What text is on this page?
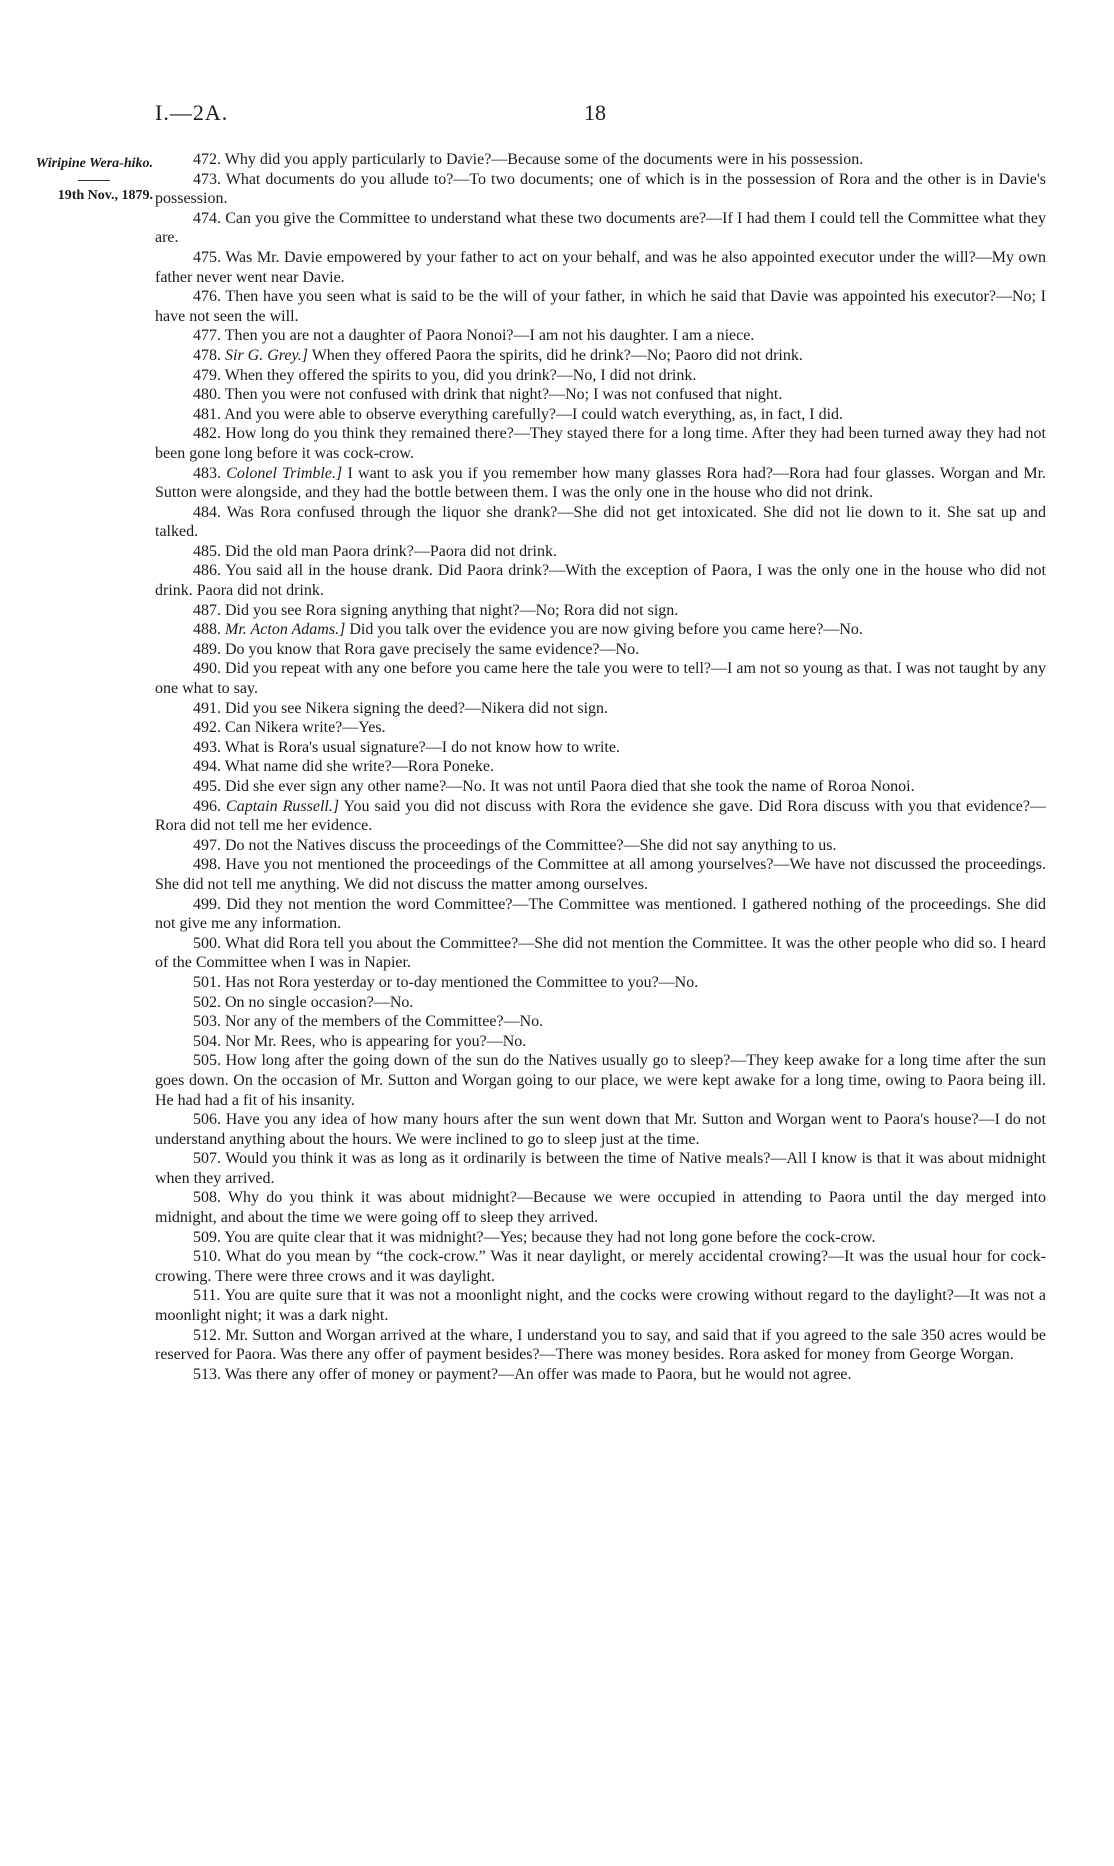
I.—2A.	18
Wiripine Wera-hiko.
19th Nov., 1879.

472. Why did you apply particularly to Davie?—Because some of the documents were in his possession.

473. What documents do you allude to?—To two documents; one of which is in the possession of Rora and the other is in Davie's possession.

474. Can you give the Committee to understand what these two documents are?—If I had them I could tell the Committee what they are.

475. Was Mr. Davie empowered by your father to act on your behalf, and was he also appointed executor under the will?—My own father never went near Davie.

476. Then have you seen what is said to be the will of your father, in which he said that Davie was appointed his executor?—No; I have not seen the will.

477. Then you are not a daughter of Paora Nonoi?—I am not his daughter. I am a niece.

478. Sir G. Grey.] When they offered Paora the spirits, did he drink?—No; Paoro did not drink.

479. When they offered the spirits to you, did you drink?—No, I did not drink.

480. Then you were not confused with drink that night?—No; I was not confused that night.

481. And you were able to observe everything carefully?—I could watch everything, as, in fact, I did.

482. How long do you think they remained there?—They stayed there for a long time. After they had been turned away they had not been gone long before it was cock-crow.

483. Colonel Trimble.] I want to ask you if you remember how many glasses Rora had?—Rora had four glasses. Worgan and Mr. Sutton were alongside, and they had the bottle between them. I was the only one in the house who did not drink.

484. Was Rora confused through the liquor she drank?—She did not get intoxicated. She did not lie down to it. She sat up and talked.

485. Did the old man Paora drink?—Paora did not drink.

486. You said all in the house drank. Did Paora drink?—With the exception of Paora, I was the only one in the house who did not drink. Paora did not drink.

487. Did you see Rora signing anything that night?—No; Rora did not sign.

488. Mr. Acton Adams.] Did you talk over the evidence you are now giving before you came here?—No.

489. Do you know that Rora gave precisely the same evidence?—No.

490. Did you repeat with any one before you came here the tale you were to tell?—I am not so young as that. I was not taught by any one what to say.

491. Did you see Nikera signing the deed?—Nikera did not sign.

492. Can Nikera write?—Yes.

493. What is Rora's usual signature?—I do not know how to write.

494. What name did she write?—Rora Poneke.

495. Did she ever sign any other name?—No. It was not until Paora died that she took the name of Roroa Nonoi.

496. Captain Russell.] You said you did not discuss with Rora the evidence she gave. Did Rora discuss with you that evidence?—Rora did not tell me her evidence.

497. Do not the Natives discuss the proceedings of the Committee?—She did not say anything to us.

498. Have you not mentioned the proceedings of the Committee at all among yourselves?—We have not discussed the proceedings. She did not tell me anything. We did not discuss the matter among ourselves.

499. Did they not mention the word Committee?—The Committee was mentioned. I gathered nothing of the proceedings. She did not give me any information.

500. What did Rora tell you about the Committee?—She did not mention the Committee. It was the other people who did so. I heard of the Committee when I was in Napier.

501. Has not Rora yesterday or to-day mentioned the Committee to you?—No.

502. On no single occasion?—No.

503. Nor any of the members of the Committee?—No.

504. Nor Mr. Rees, who is appearing for you?—No.

505. How long after the going down of the sun do the Natives usually go to sleep?—They keep awake for a long time after the sun goes down. On the occasion of Mr. Sutton and Worgan going to our place, we were kept awake for a long time, owing to Paora being ill. He had had a fit of his insanity.

506. Have you any idea of how many hours after the sun went down that Mr. Sutton and Worgan went to Paora's house?—I do not understand anything about the hours. We were inclined to go to sleep just at the time.

507. Would you think it was as long as it ordinarily is between the time of Native meals?—All I know is that it was about midnight when they arrived.

508. Why do you think it was about midnight?—Because we were occupied in attending to Paora until the day merged into midnight, and about the time we were going off to sleep they arrived.

509. You are quite clear that it was midnight?—Yes; because they had not long gone before the cock-crow.

510. What do you mean by “the cock-crow.” Was it near daylight, or merely accidental crowing?—It was the usual hour for cock-crowing. There were three crows and it was daylight.

511. You are quite sure that it was not a moonlight night, and the cocks were crowing without regard to the daylight?—It was not a moonlight night; it was a dark night.

512. Mr. Sutton and Worgan arrived at the whare, I understand you to say, and said that if you agreed to the sale 350 acres would be reserved for Paora. Was there any offer of payment besides?—There was money besides. Rora asked for money from George Worgan.

513. Was there any offer of money or payment?—An offer was made to Paora, but he would not agree.
